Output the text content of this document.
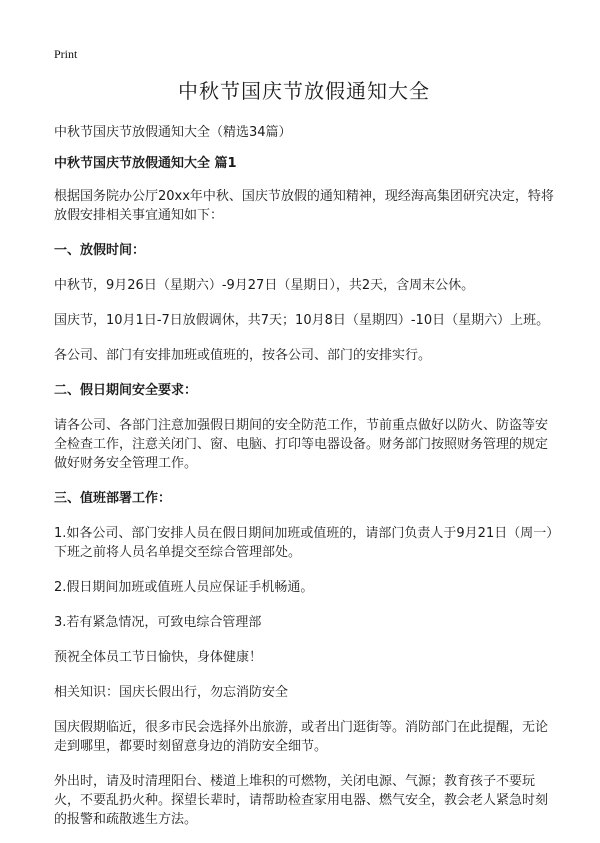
Print
中秋节国庆节放假通知大全

中秋节国庆节放假通知大全（精选34篇）

中秋节国庆节放假通知大全 篇1

根据国务院办公厅20xx年中秋、国庆节放假的通知精神，现经海高集团研究决定，特将放假安排相关事宜通知如下：

一、放假时间：

中秋节，9月26日（星期六）-9月27日（星期日），共2天，含周末公休。

国庆节，10月1日-7日放假调休，共7天；10月8日（星期四）-10日（星期六）上班。

各公司、部门有安排加班或值班的，按各公司、部门的安排实行。

二、假日期间安全要求：

请各公司、各部门注意加强假日期间的安全防范工作，节前重点做好以防火、防盗等安全检查工作，注意关闭门、窗、电脑、打印等电器设备。财务部门按照财务管理的规定做好财务安全管理工作。

三、值班部署工作：

1.如各公司、部门安排人员在假日期间加班或值班的，请部门负责人于9月21日（周一）下班之前将人员名单提交至综合管理部处。

2.假日期间加班或值班人员应保证手机畅通。

3.若有紧急情况，可致电综合管理部

预祝全体员工节日愉快，身体健康！

相关知识：国庆长假出行，勿忘消防安全

国庆假期临近，很多市民会选择外出旅游，或者出门逛街等。消防部门在此提醒，无论走到哪里，都要时刻留意身边的消防安全细节。

外出时，请及时清理阳台、楼道上堆积的可燃物，关闭电源、气源；教育孩子不要玩火，不要乱扔火种。探望长辈时，请帮助检查家用电器、燃气安全，教会老人紧急时刻的报警和疏散逃生方法。
